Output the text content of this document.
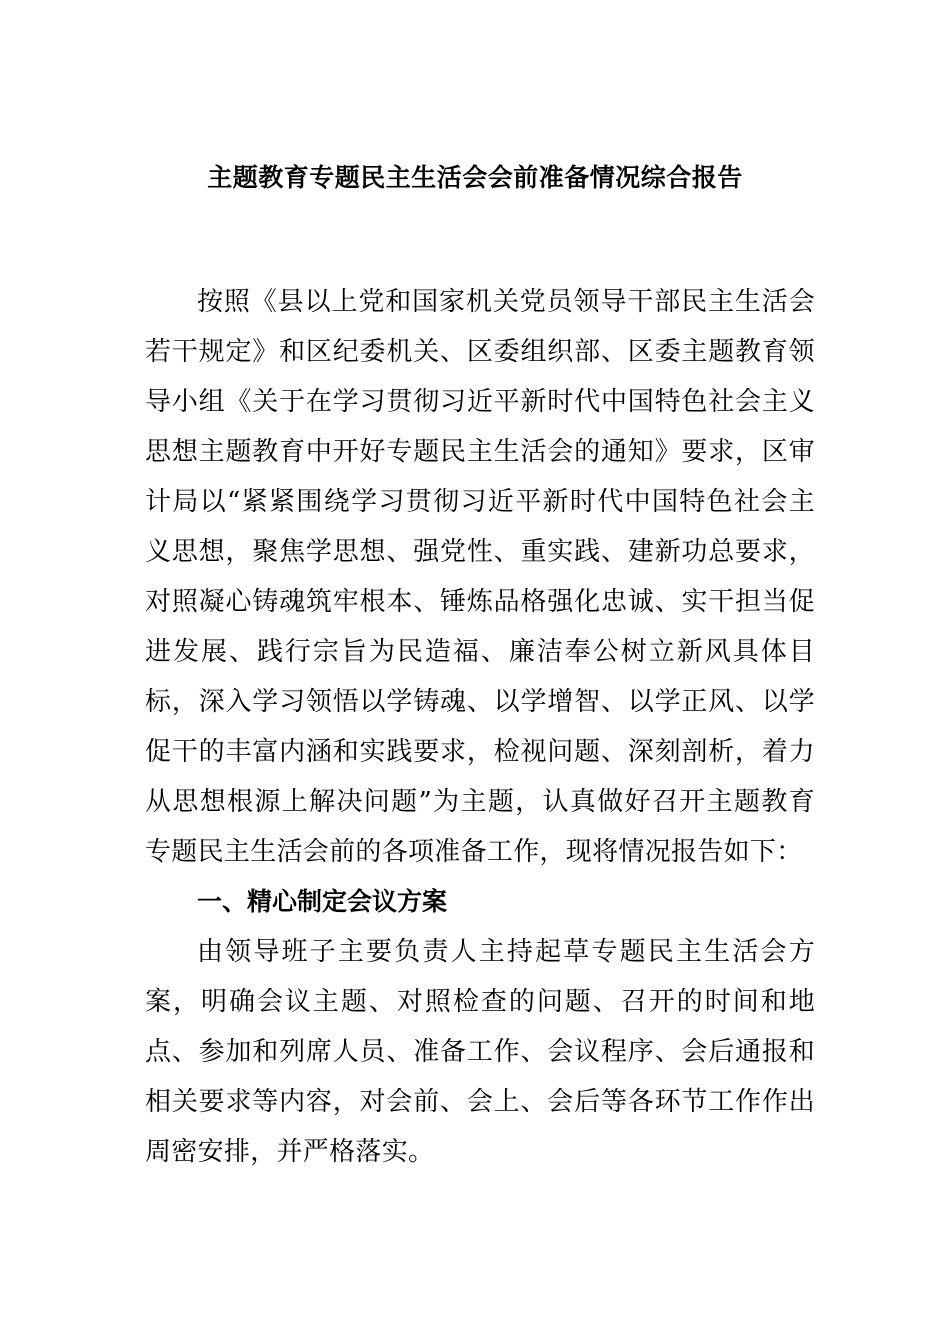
主题教育专题民主生活会会前准备情况综合报告

按照《县以上党和国家机关党员领导干部民主生活会若干规定》和区纪委机关、区委组织部、区委主题教育领导小组《关于在学习贯彻习近平新时代中国特色社会主义思想主题教育中开好专题民主生活会的通知》要求，区审计局以“紧紧围绕学习贯彻习近平新时代中国特色社会主义思想，聚焦学思想、强党性、重实践、建新功总要求，对照凝心铸魂筑牢根本、锤炼品格强化忠诚、实干担当促进发展、践行宗旨为民造福、廉洁奉公树立新风具体目标，深入学习领悟以学铸魂、以学增智、以学正风、以学促干的丰富内涵和实践要求，检视问题、深刻剖析，着力从思想根源上解决问题”为主题，认真做好召开主题教育专题民主生活会前的各项准备工作，现将情况报告如下：

一、精心制定会议方案

由领导班子主要负责人主持起草专题民主生活会方案，明确会议主题、对照检查的问题、召开的时间和地点、参加和列席人员、准备工作、会议程序、会后通报和相关要求等内容，对会前、会上、会后等各环节工作作出周密安排，并严格落实。
